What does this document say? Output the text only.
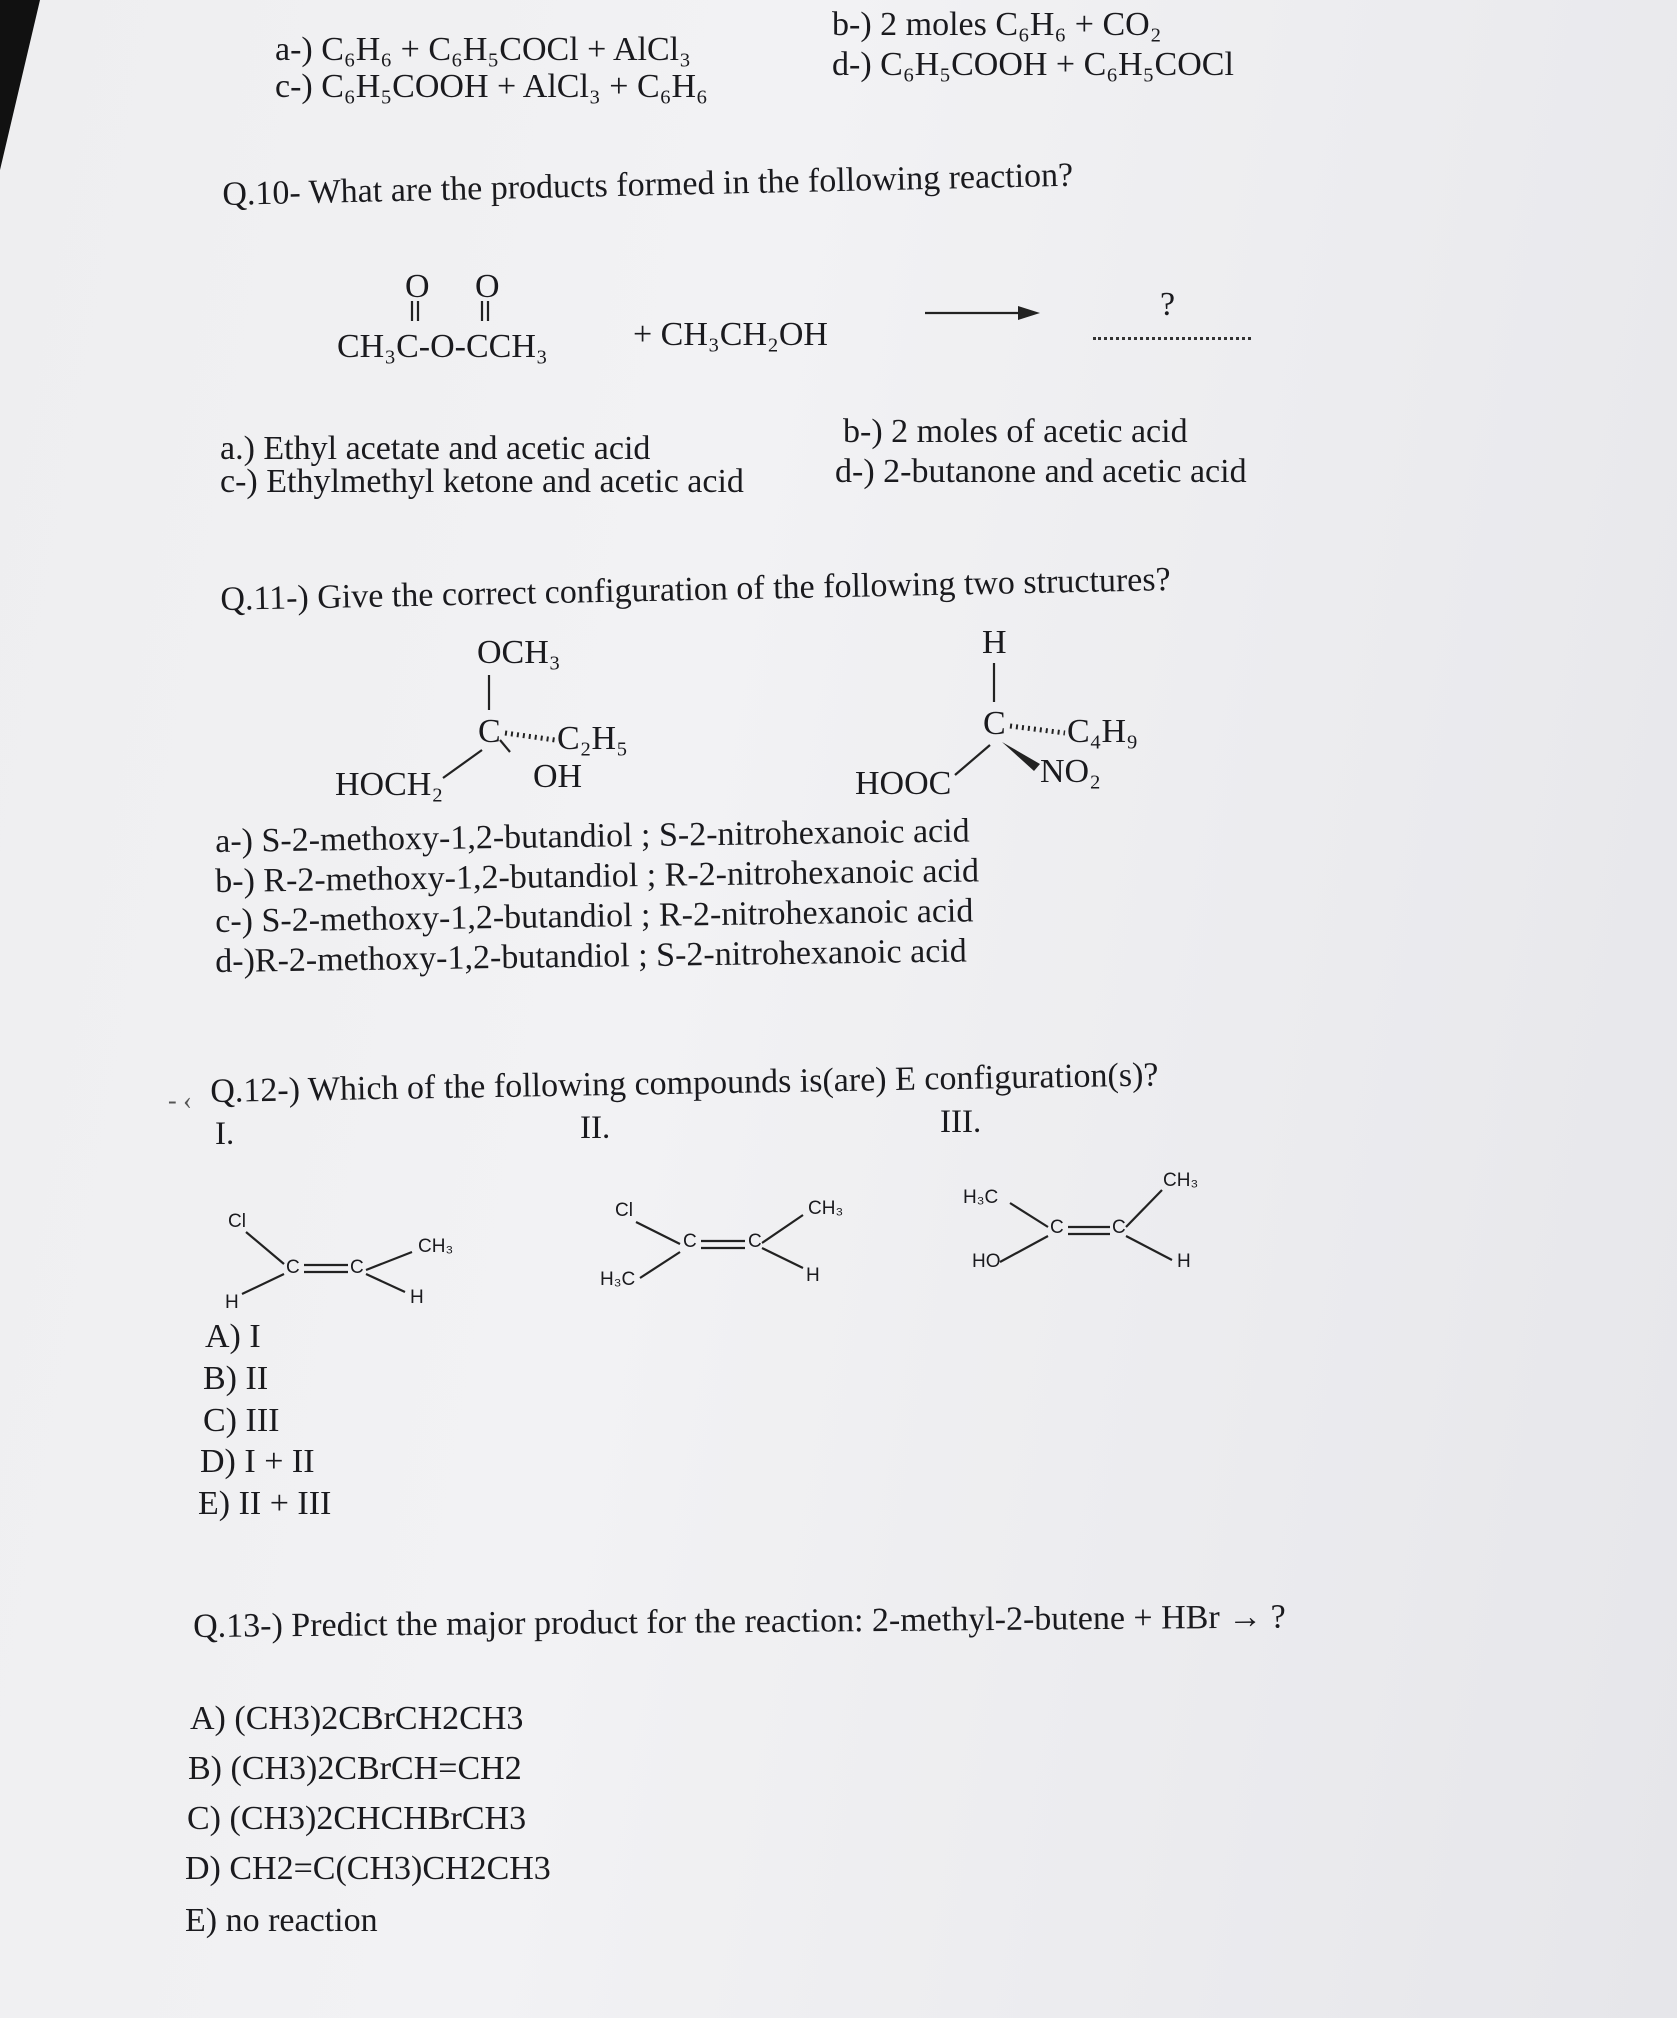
a-) C₆H₆ + C₆H₅COCl + AlCl₃
b-) 2 moles C₆H₆ + CO₂
c-) C₆H₅COOH + AlCl₃ + C₆H₆
d-) C₆H₅COOH + C₆H₅COCl
Q.10- What are the products formed in the following reaction?
O O
CH₃C-O-CCH₃	+ CH₃CH₂OH
?
a.) Ethyl acetate and acetic acid	b-) 2 moles of acetic acid
c-) Ethylmethyl ketone and acetic acid	d-) 2-butanone and acetic acid
Q.11-) Give the correct configuration of the following two structures?
OCH₃
C C₂H₅
HOCH₂	OH
H
C C₄H₉
HOOC	NO₂
a-) S-2-methoxy-1,2-butandiol ; S-2-nitrohexanoic acid
b-) R-2-methoxy-1,2-butandiol ; R-2-nitrohexanoic acid
c-) S-2-methoxy-1,2-butandiol ; R-2-nitrohexanoic acid
d-)R-2-methoxy-1,2-butandiol ; S-2-nitrohexanoic acid
- ‹ Q.12-) Which of the following compounds is(are) E configuration(s)?
I.	II.	III.
Cl
H
C	C
CH₃
H
Cl
H₃C
C	C
CH₃
H
H₃C
HO
C	C
CH₃
H
A) I
B) II
C) III
D) I + II
E) II + III
Q.13-) Predict the major product for the reaction: 2-methyl-2-butene + HBr → ?
A) (CH3)2CBrCH2CH3
B) (CH3)2CBrCH=CH2
C) (CH3)2CHCHBrCH3
D) CH2=C(CH3)CH2CH3
E) no reaction
